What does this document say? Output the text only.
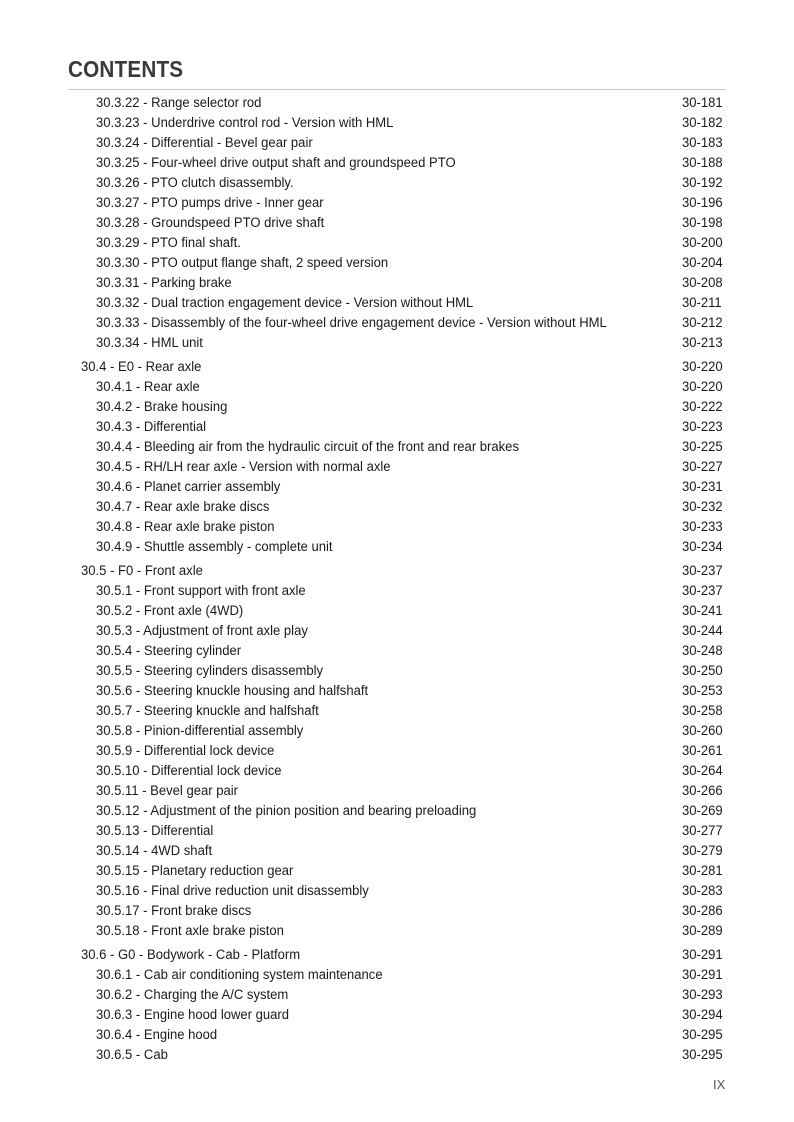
CONTENTS
30.3.22 - Range selector rod	30-181
30.3.23 - Underdrive control rod - Version with HML	30-182
30.3.24 - Differential - Bevel gear pair	30-183
30.3.25 - Four-wheel drive output shaft and groundspeed PTO	30-188
30.3.26 - PTO clutch disassembly.	30-192
30.3.27 - PTO pumps drive - Inner gear	30-196
30.3.28 - Groundspeed PTO drive shaft	30-198
30.3.29 - PTO final shaft.	30-200
30.3.30 - PTO output flange shaft, 2 speed version	30-204
30.3.31 - Parking brake	30-208
30.3.32 - Dual traction engagement device - Version without HML	30-211
30.3.33 - Disassembly of the four-wheel drive engagement device - Version without HML	30-212
30.3.34 - HML unit	30-213
30.4 - E0 - Rear axle	30-220
30.4.1 - Rear axle	30-220
30.4.2 - Brake housing	30-222
30.4.3 - Differential	30-223
30.4.4 - Bleeding air from the hydraulic circuit of the front and rear brakes	30-225
30.4.5 - RH/LH rear axle - Version with normal axle	30-227
30.4.6 - Planet carrier assembly	30-231
30.4.7 - Rear axle brake discs	30-232
30.4.8 - Rear axle brake piston	30-233
30.4.9 - Shuttle assembly - complete unit	30-234
30.5 - F0 - Front axle	30-237
30.5.1 - Front support with front axle	30-237
30.5.2 - Front axle (4WD)	30-241
30.5.3 - Adjustment of front axle play	30-244
30.5.4 - Steering cylinder	30-248
30.5.5 - Steering cylinders disassembly	30-250
30.5.6 - Steering knuckle housing and halfshaft	30-253
30.5.7 - Steering knuckle and halfshaft	30-258
30.5.8 - Pinion-differential assembly	30-260
30.5.9 - Differential lock device	30-261
30.5.10 - Differential lock device	30-264
30.5.11 - Bevel gear pair	30-266
30.5.12 - Adjustment of the pinion position and bearing preloading	30-269
30.5.13 - Differential	30-277
30.5.14 - 4WD shaft	30-279
30.5.15 - Planetary reduction gear	30-281
30.5.16 - Final drive reduction unit disassembly	30-283
30.5.17 - Front brake discs	30-286
30.5.18 - Front axle brake piston	30-289
30.6 - G0 - Bodywork - Cab - Platform	30-291
30.6.1 - Cab air conditioning system maintenance	30-291
30.6.2 - Charging the A/C system	30-293
30.6.3 - Engine hood lower guard	30-294
30.6.4 - Engine hood	30-295
30.6.5 - Cab	30-295
IX
